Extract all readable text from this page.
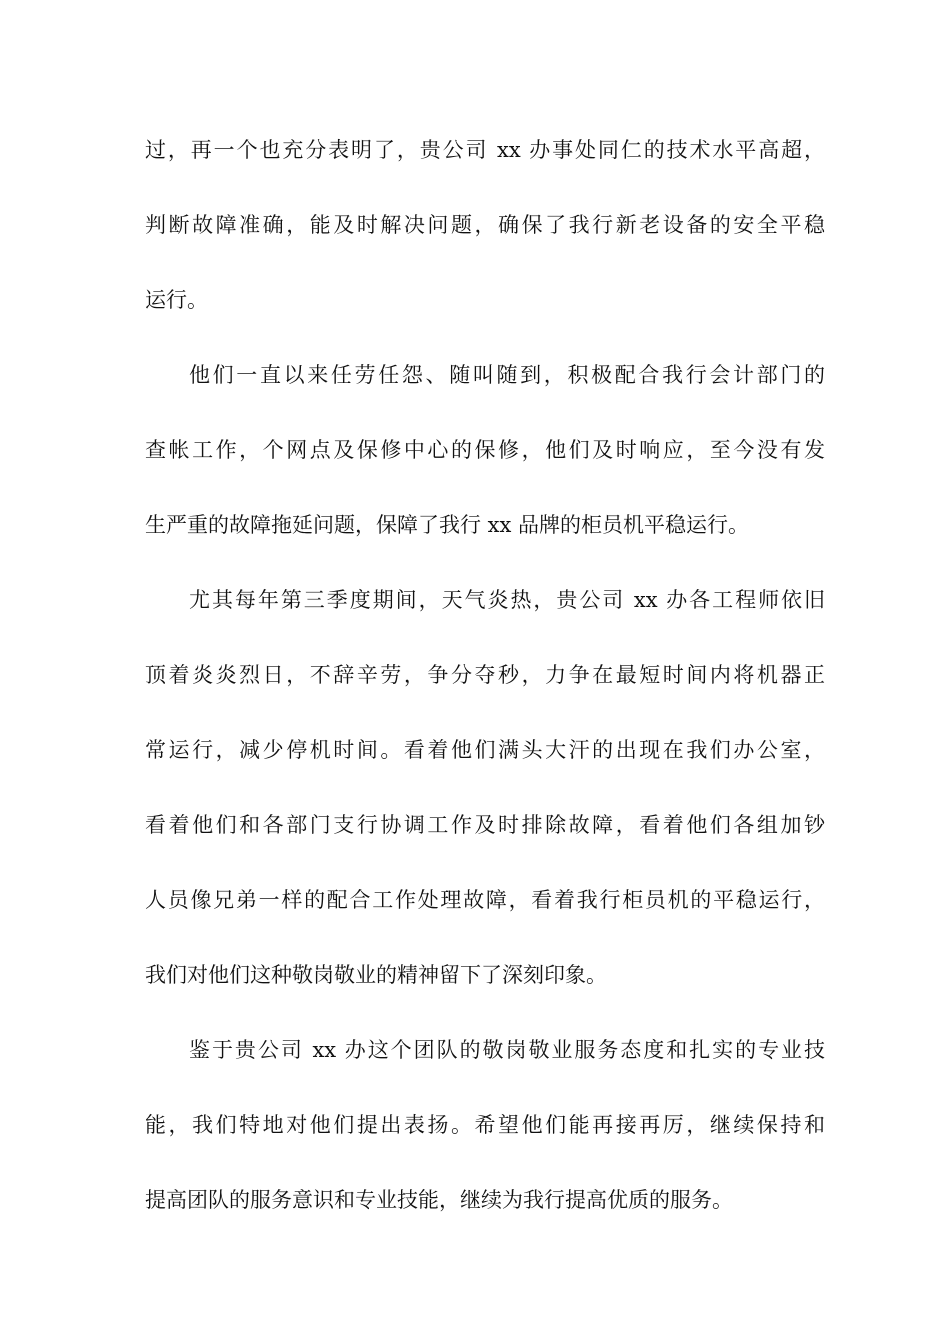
过，再一个也充分表明了，贵公司 xx 办事处同仁的技术水平高超，
判断故障准确，能及时解决问题，确保了我行新老设备的安全平稳
运行。
他们一直以来任劳任怨、随叫随到，积极配合我行会计部门的
查帐工作，个网点及保修中心的保修，他们及时响应，至今没有发
生严重的故障拖延问题，保障了我行 xx 品牌的柜员机平稳运行。
尤其每年第三季度期间，天气炎热，贵公司 xx 办各工程师依旧
顶着炎炎烈日，不辞辛劳，争分夺秒，力争在最短时间内将机器正
常运行，减少停机时间。看着他们满头大汗的出现在我们办公室，
看着他们和各部门支行协调工作及时排除故障，看着他们各组加钞
人员像兄弟一样的配合工作处理故障，看着我行柜员机的平稳运行，
我们对他们这种敬岗敬业的精神留下了深刻印象。
鉴于贵公司 xx 办这个团队的敬岗敬业服务态度和扎实的专业技
能，我们特地对他们提出表扬。希望他们能再接再厉，继续保持和
提高团队的服务意识和专业技能，继续为我行提高优质的服务。
